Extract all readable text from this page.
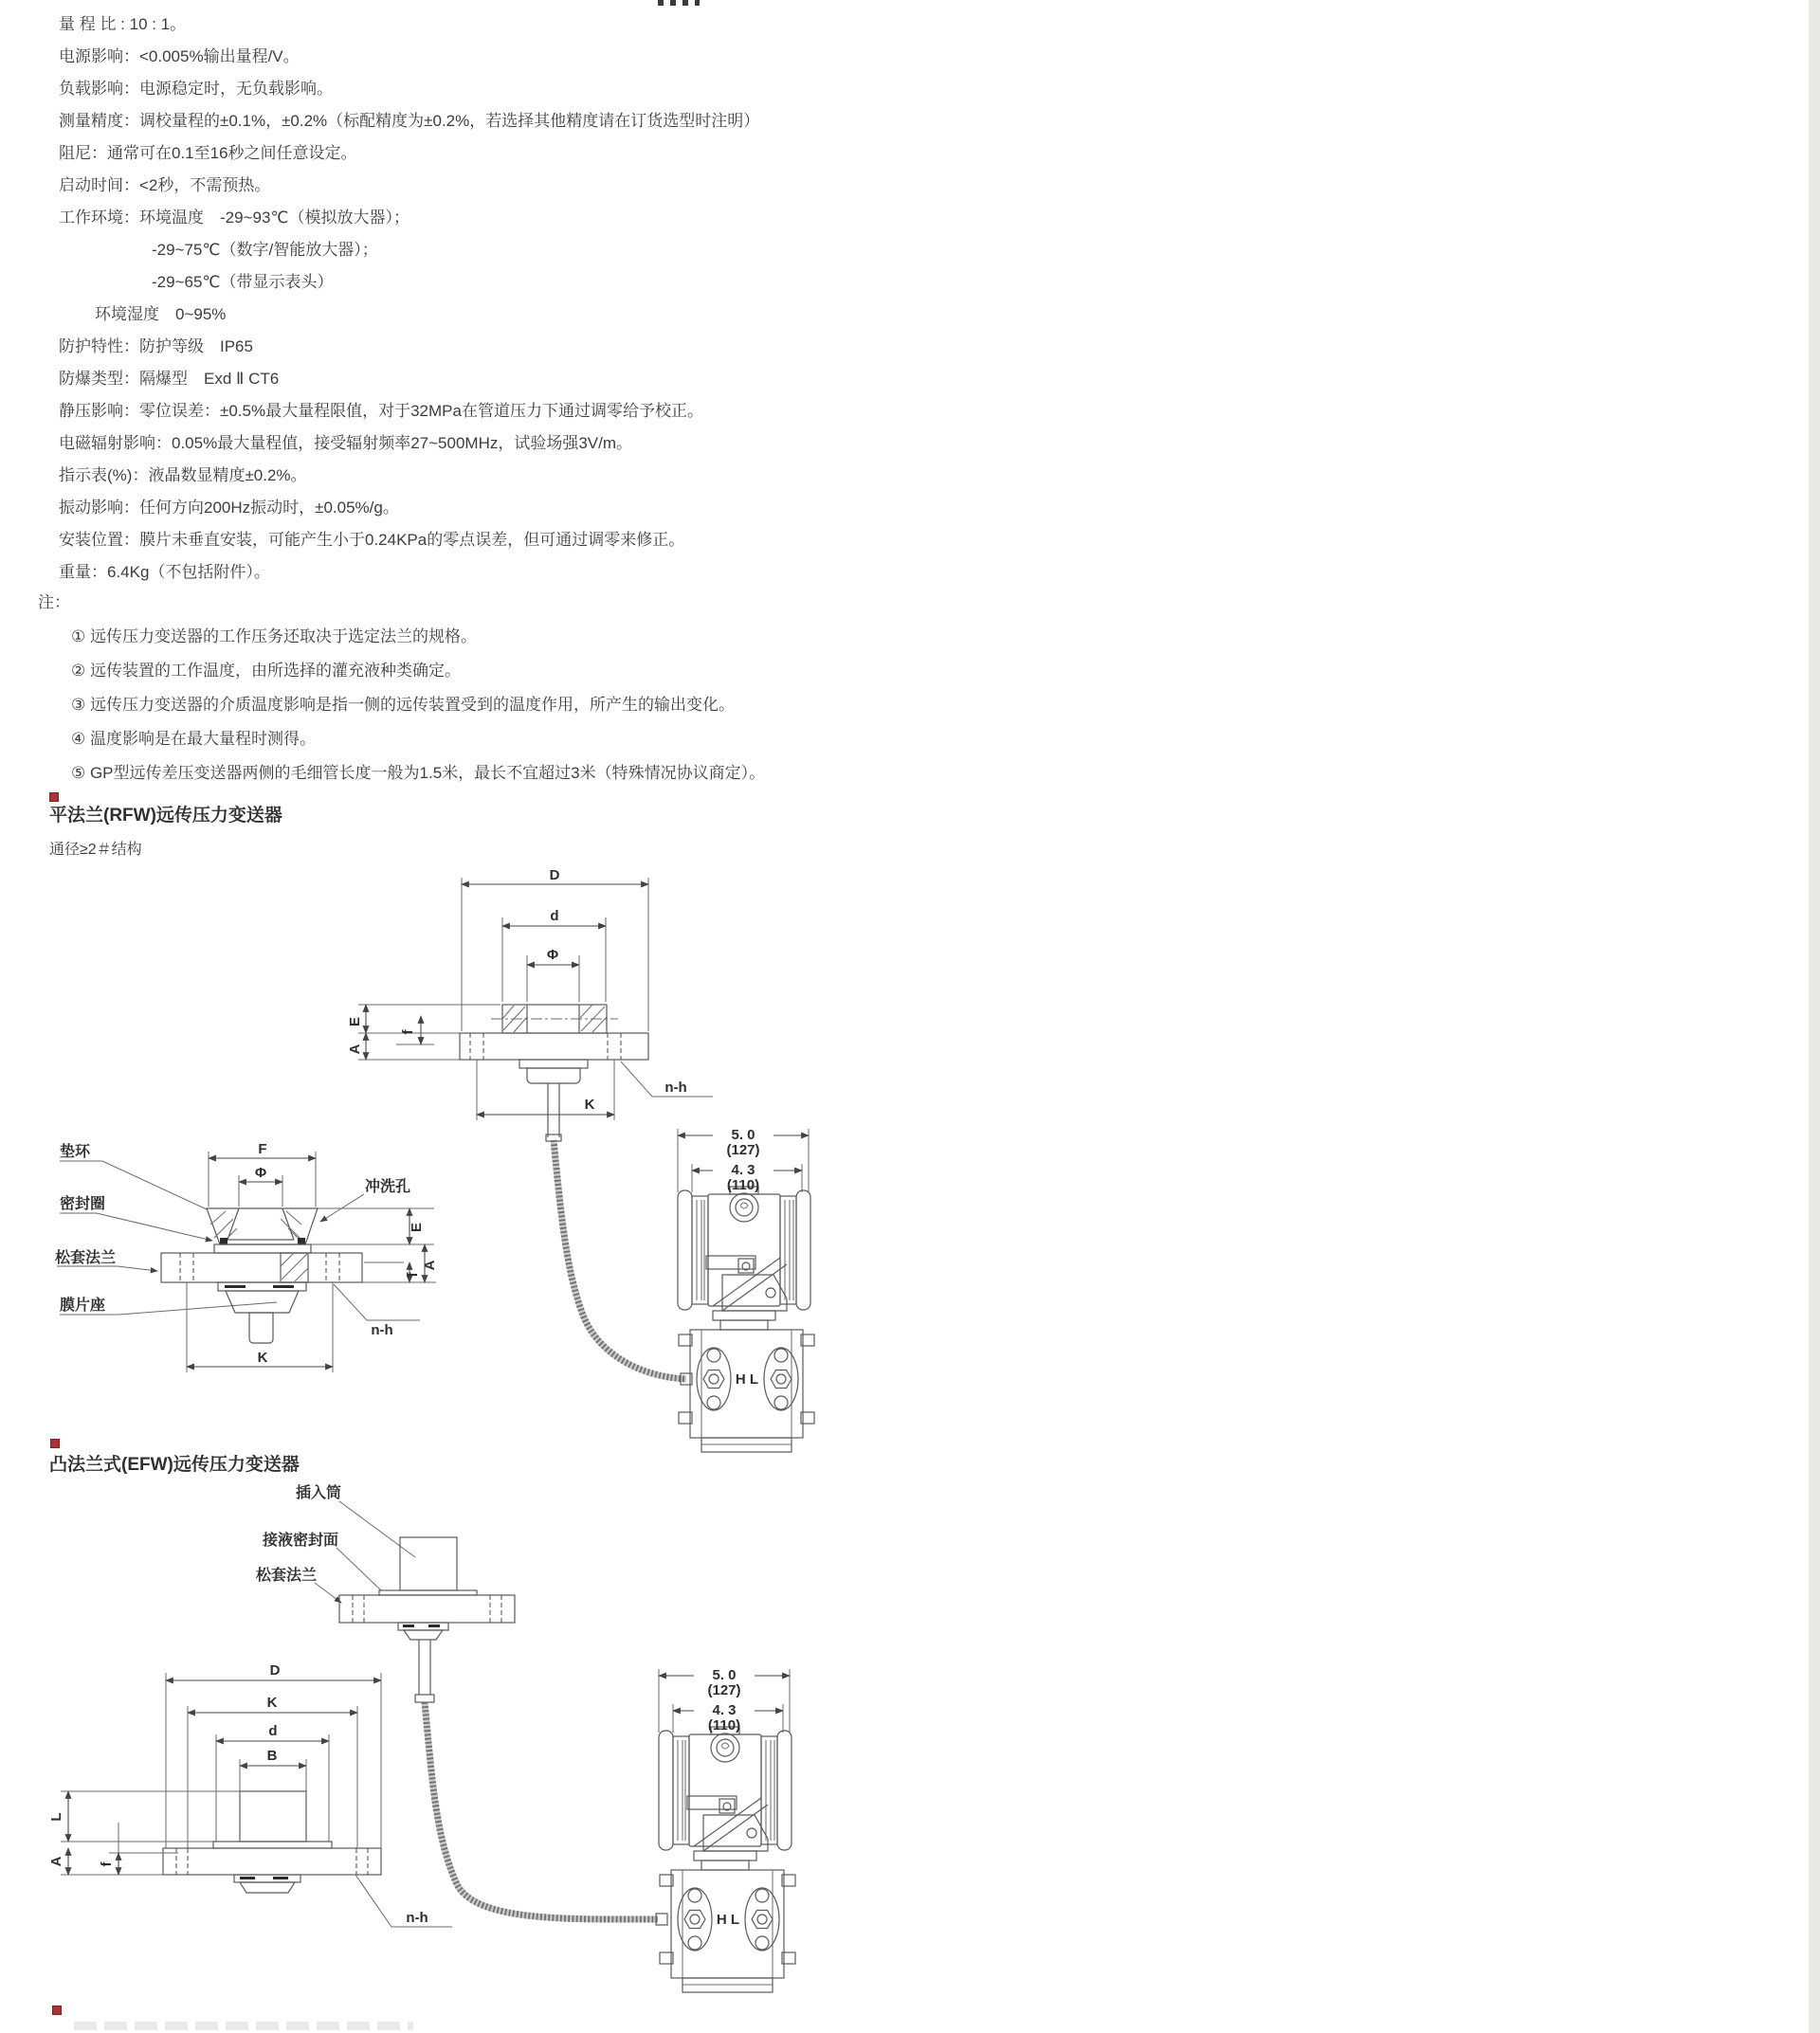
量 程 比 : 10 : 1。
电源影响：<0.005%输出量程/V。
负载影响：电源稳定时，无负载影响。
测量精度：调校量程的±0.1%，±0.2%（标配精度为±0.2%，若选择其他精度请在订货选型时注明）
阻尼：通常可在0.1至16秒之间任意设定。
启动时间：<2秒，不需预热。
工作环境：环境温度　-29~93℃（模拟放大器）；
-29~75℃（数字/智能放大器）；
-29~65℃（带显示表头）
环境湿度　0~95%
防护特性：防护等级　IP65
防爆类型：隔爆型　Exd Ⅱ CT6
静压影响：零位误差：±0.5%最大量程限值，对于32MPa在管道压力下通过调零给予校正。
电磁辐射影响：0.05%最大量程值，接受辐射频率27~500MHz，试验场强3V/m。
指示表(%)：液晶数显精度±0.2%。
振动影响：任何方向200Hz振动时，±0.05%/g。
安装位置：膜片未垂直安装，可能产生小于0.24KPa的零点误差，但可通过调零来修正。
重量：6.4Kg（不包括附件）。
注：
① 远传压力变送器的工作压务还取决于选定法兰的规格。
② 远传装置的工作温度，由所选择的灌充液种类确定。
③ 远传压力变送器的介质温度影响是指一侧的远传装置受到的温度作用，所产生的输出变化。
④ 温度影响是在最大量程时测得。
⑤ GP型远传差压变送器两侧的毛细管长度一般为1.5米，最长不宜超过3米（特殊情况协议商定）。
平法兰(RFW)远传压力变送器
通径≥2＃结构
D
d
Φ
E
A
f
K
n-h
垫环	F
Φ
冲洗孔
密封圈
E
A
f
松套法兰
膜片座
K
n-h
5. 0
(127)
4. 3
(110)
H L
凸法兰式(EFW)远传压力变送器
插入筒
接液密封面
松套法兰
D
K
d
B
L
A f
n-h
5. 0
(127)
4. 3
(110)
H L
